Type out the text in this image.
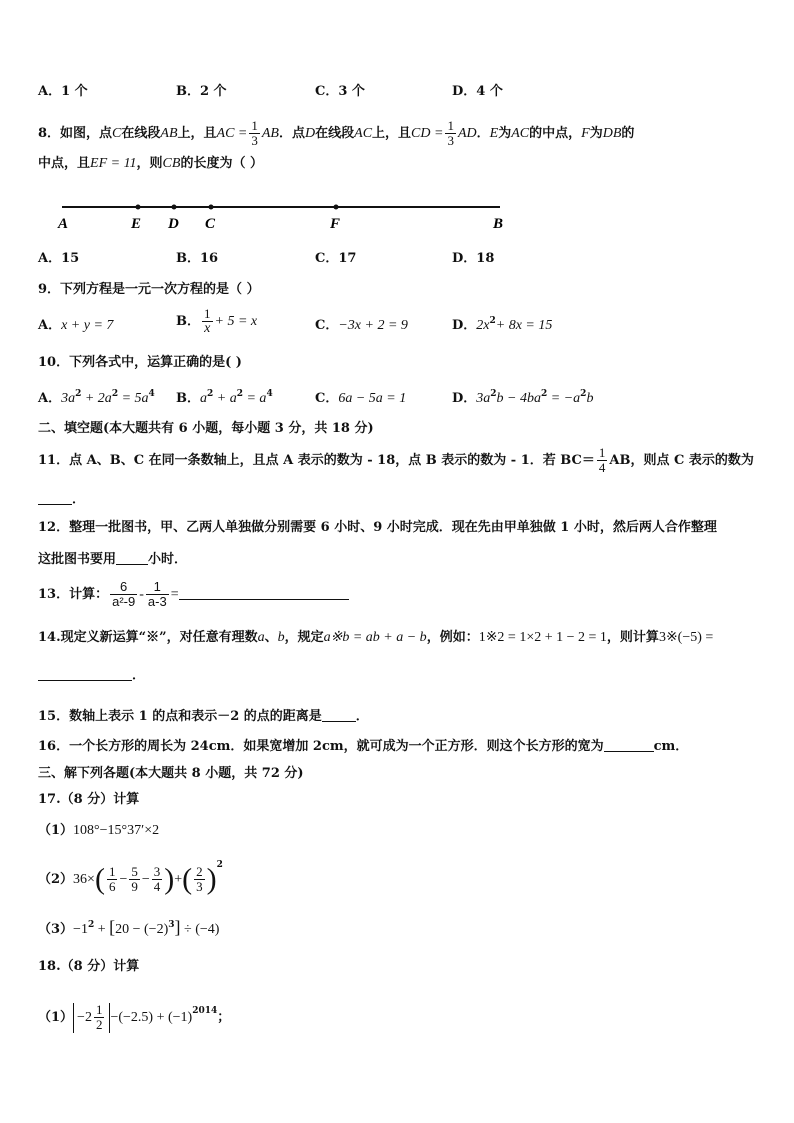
A．1 个	B．2 个	C．3 个	D．4 个
8．如图，点C在线段AB上，且AC = $\frac{1}{3}$ AB．点D在线段AC上，且CD = $\frac{1}{3}$ AD．E为AC的中点，F为DB的
中点，且EF = 11，则CB的长度为（ ）
A	E D C	F	B
A．15	B．16	C．17	D．18
9．下列方程是一元一次方程的是（ ）
A．x + y = 7	B． $\frac{1}{x} + 5 = x$	C．−3x + 2 = 9	D．$2x^2+ 8x = 15$
10．下列各式中，运算正确的是( )
A．$3a^2 + 2a^2 = 5a^4$ B．$a^2 + a^2 = a^4$	C．6a − 5a = 1	D．$3a^2b - 4ba^2 = -a^2b$
二、填空题(本大题共有 6 小题，每小题 3 分，共 18 分)
11．点 A、B、C 在同一条数轴上，且点 A 表示的数为 - 18，点 B 表示的数为 - 1．若 $BC= \frac{1}{4}$ AB，则点 C 表示的数为
．
12．整理一批图书，甲、乙两人单独做分别需要 6 小时、9 小时完成．现在先由甲单独做 1 小时，然后两人合作整理
这批图书要用 小时．
13．计算： $\frac{6}{\text{a²-9}} - \frac{1}{a-3}$ =
14.现定义新运算“※”，对任意有理数a、b，规定a※b = ab + a − b，例如：1※2 = 1×2 + 1 − 2 = 1，则计算3※(−5) =
．
15．数轴上表示 1 的点和表示－2 的点的距离是	．
16．一个长方形的周长为 24cm．如果宽增加 2cm，就可成为一个正方形．则这个长方形的宽为	cm．
三、解下列各题(本大题共 8 小题，共 72 分)
17.（8 分）计算
（1）108°−15°37′×2
$(2)36\times( \frac{1}{6} - \frac{5}{9} - \frac{3}{4}$ )+( $\frac{2}{3} )^2$
$(3)-1^2 + [20 - (-2)^3] \div (-4)$
18.（8 分）计算
$(1) -2 \frac{1}{2} -(-2.5) + (-1)^{2014}$；
